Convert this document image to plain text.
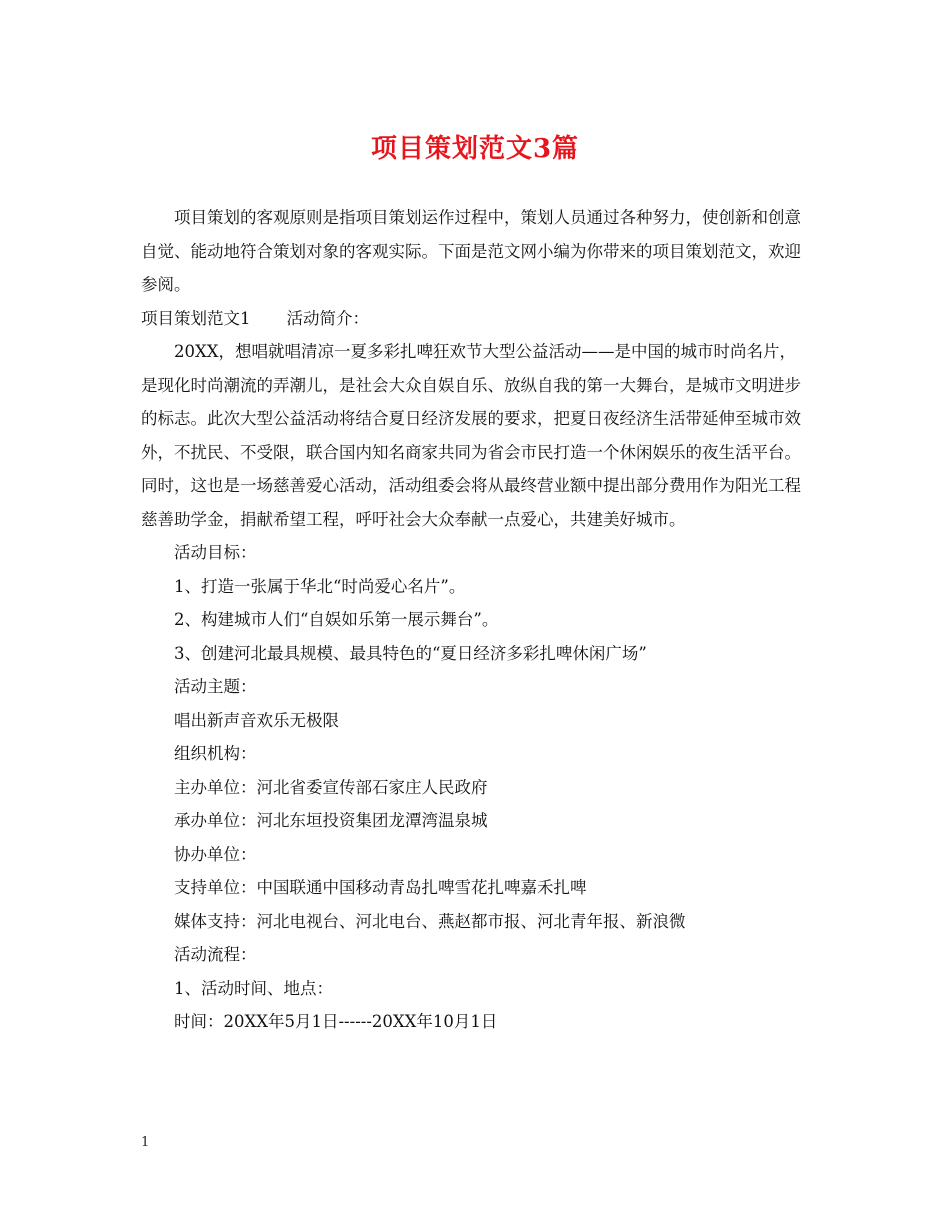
项目策划范文3篇

项目策划的客观原则是指项目策划运作过程中，策划人员通过各种努力，使创新和创意自觉、能动地符合策划对象的客观实际。下面是范文网小编为你带来的项目策划范文，欢迎参阅。

项目策划范文1 活动简介：

20XX，想唱就唱清凉一夏多彩扎啤狂欢节大型公益活动——是中国的城市时尚名片，是现化时尚潮流的弄潮儿，是社会大众自娱自乐、放纵自我的第一大舞台，是城市文明进步的标志。此次大型公益活动将结合夏日经济发展的要求，把夏日夜经济生活带延伸至城市效外，不扰民、不受限，联合国内知名商家共同为省会市民打造一个休闲娱乐的夜生活平台。同时，这也是一场慈善爱心活动，活动组委会将从最终营业额中提出部分费用作为阳光工程慈善助学金，捐献希望工程，呼吁社会大众奉献一点爱心，共建美好城市。

活动目标：

1、打造一张属于华北“时尚爱心名片”。

2、构建城市人们“自娱如乐第一展示舞台”。

3、创建河北最具规模、最具特色的“夏日经济多彩扎啤休闲广场”

活动主题：

唱出新声音欢乐无极限

组织机构：

主办单位：河北省委宣传部石家庄人民政府

承办单位：河北东垣投资集团龙潭湾温泉城

协办单位：

支持单位：中国联通中国移动青岛扎啤雪花扎啤嘉禾扎啤

媒体支持：河北电视台、河北电台、燕赵都市报、河北青年报、新浪微

活动流程：

1、活动时间、地点：

时间：20XX年5月1日------20XX年10月1日

1
